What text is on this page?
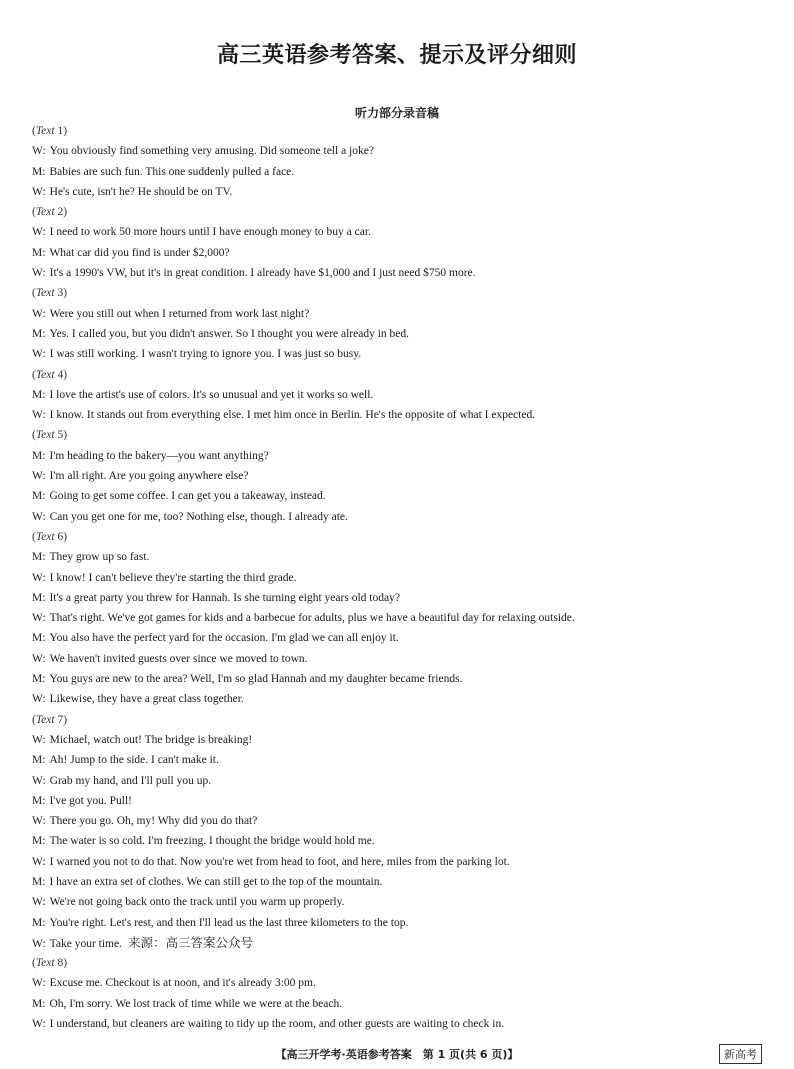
高三英语参考答案、提示及评分细则
听力部分录音稿
(Text 1)
W: You obviously find something very amusing. Did someone tell a joke?
M: Babies are such fun. This one suddenly pulled a face.
W: He's cute, isn't he? He should be on TV.
(Text 2)
W: I need to work 50 more hours until I have enough money to buy a car.
M: What car did you find is under $2,000?
W: It's a 1990's VW, but it's in great condition. I already have $1,000 and I just need $750 more.
(Text 3)
W: Were you still out when I returned from work last night?
M: Yes. I called you, but you didn't answer. So I thought you were already in bed.
W: I was still working. I wasn't trying to ignore you. I was just so busy.
(Text 4)
M: I love the artist's use of colors. It's so unusual and yet it works so well.
W: I know. It stands out from everything else. I met him once in Berlin. He's the opposite of what I expected.
(Text 5)
M: I'm heading to the bakery—you want anything?
W: I'm all right. Are you going anywhere else?
M: Going to get some coffee. I can get you a takeaway, instead.
W: Can you get one for me, too? Nothing else, though. I already ate.
(Text 6)
M: They grow up so fast.
W: I know! I can't believe they're starting the third grade.
M: It's a great party you threw for Hannah. Is she turning eight years old today?
W: That's right. We've got games for kids and a barbecue for adults, plus we have a beautiful day for relaxing outside.
M: You also have the perfect yard for the occasion. I'm glad we can all enjoy it.
W: We haven't invited guests over since we moved to town.
M: You guys are new to the area? Well, I'm so glad Hannah and my daughter became friends.
W: Likewise, they have a great class together.
(Text 7)
W: Michael, watch out! The bridge is breaking!
M: Ah! Jump to the side. I can't make it.
W: Grab my hand, and I'll pull you up.
M: I've got you. Pull!
W: There you go. Oh, my! Why did you do that?
M: The water is so cold. I'm freezing. I thought the bridge would hold me.
W: I warned you not to do that. Now you're wet from head to foot, and here, miles from the parking lot.
M: I have an extra set of clothes. We can still get to the top of the mountain.
W: We're not going back onto the track until you warm up properly.
M: You're right. Let's rest, and then I'll lead us the last three kilometers to the top.
W: Take your time. 来源：高三答案公众号
(Text 8)
W: Excuse me. Checkout is at noon, and it's already 3:00 pm.
M: Oh, I'm sorry. We lost track of time while we were at the beach.
W: I understand, but cleaners are waiting to tidy up the room, and other guests are waiting to check in.
【高三开学考·英语参考答案　第 1 页(共 6 页)】	新高考
